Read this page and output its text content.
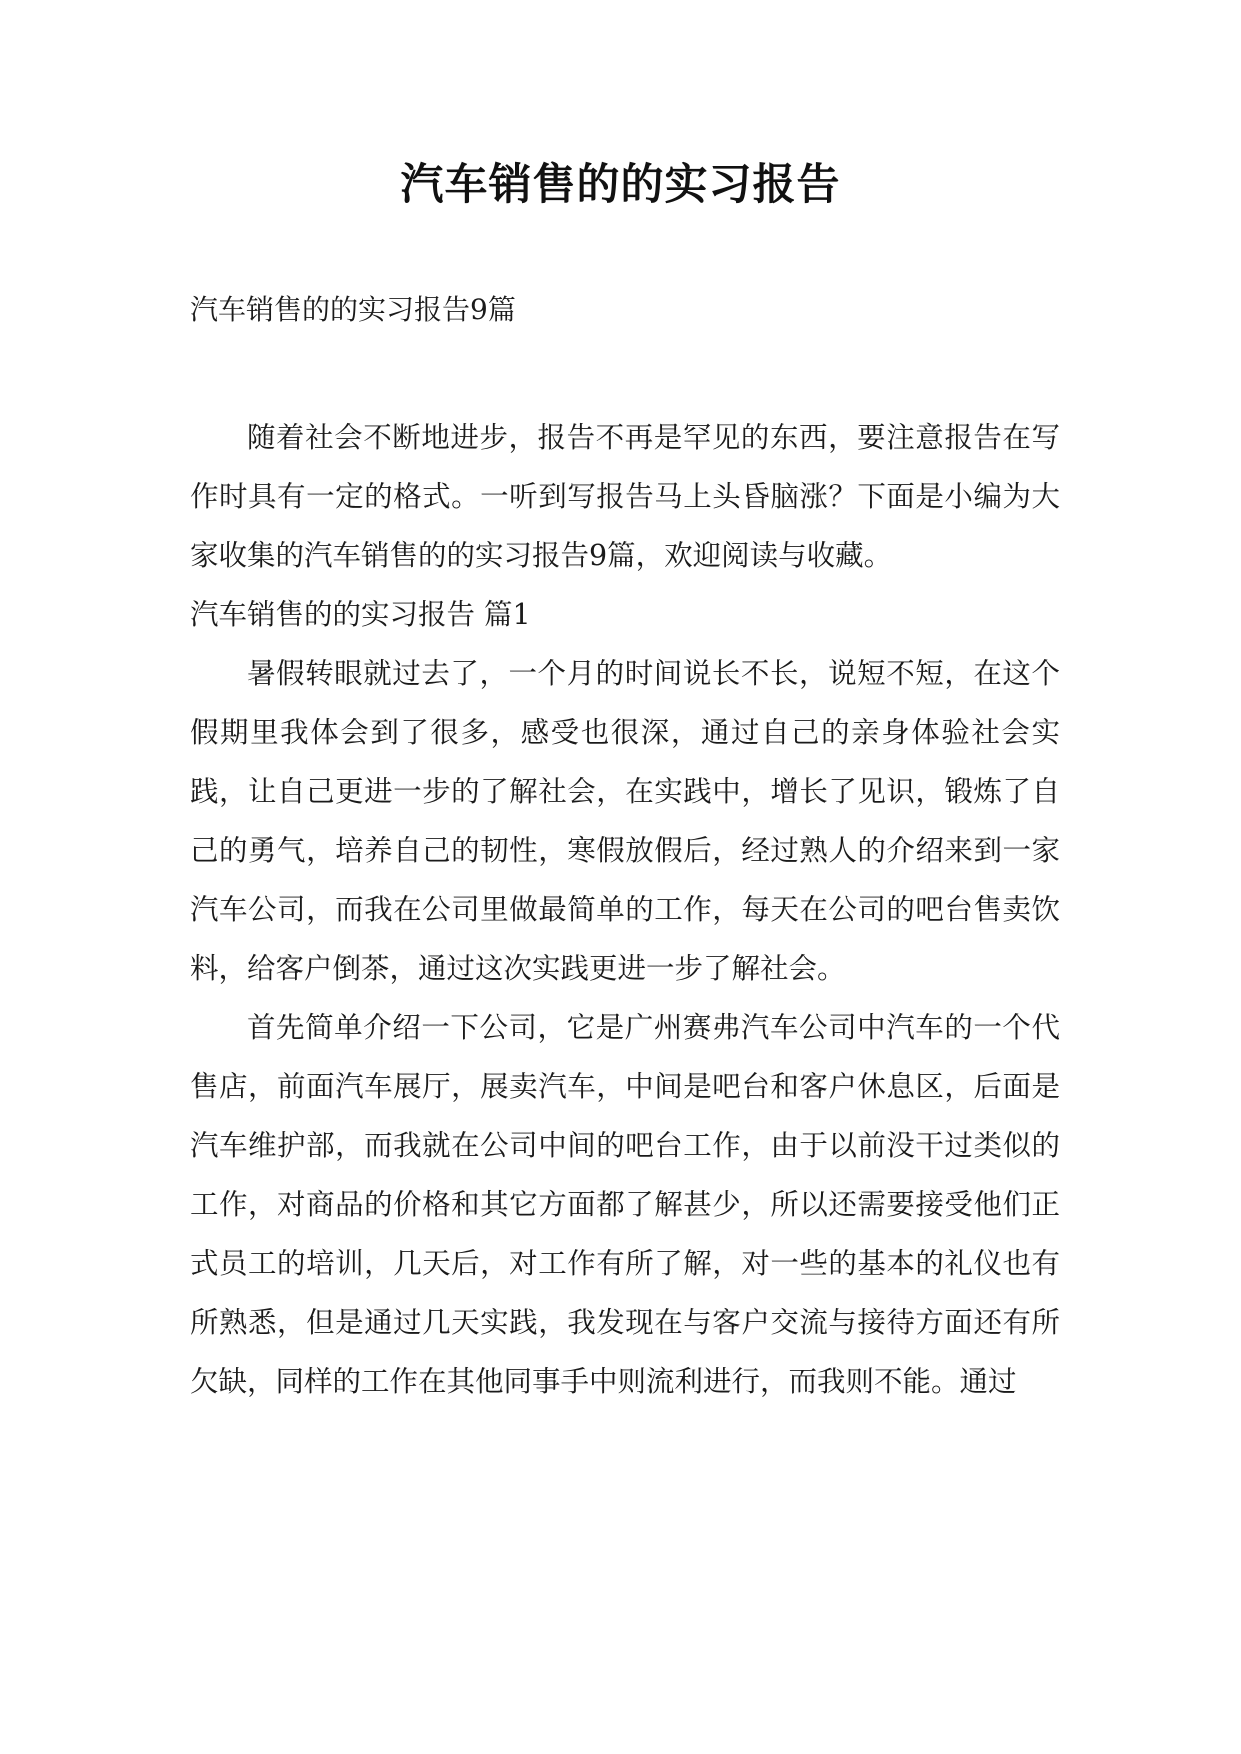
汽车销售的的实习报告
汽车销售的的实习报告9篇

随着社会不断地进步，报告不再是罕见的东西，要注意报告在写作时具有一定的格式。一听到写报告马上头昏脑涨？下面是小编为大家收集的汽车销售的的实习报告9篇，欢迎阅读与收藏。

汽车销售的的实习报告 篇1

暑假转眼就过去了，一个月的时间说长不长，说短不短，在这个假期里我体会到了很多，感受也很深，通过自己的亲身体验社会实践，让自己更进一步的了解社会，在实践中，增长了见识，锻炼了自己的勇气，培养自己的韧性，寒假放假后，经过熟人的介绍来到一家汽车公司，而我在公司里做最简单的工作，每天在公司的吧台售卖饮料，给客户倒茶，通过这次实践更进一步了解社会。

首先简单介绍一下公司，它是广州赛弗汽车公司中汽车的一个代售店，前面汽车展厅，展卖汽车，中间是吧台和客户休息区，后面是汽车维护部，而我就在公司中间的吧台工作，由于以前没干过类似的工作，对商品的价格和其它方面都了解甚少，所以还需要接受他们正式员工的培训，几天后，对工作有所了解，对一些的基本的礼仪也有所熟悉，但是通过几天实践，我发现在与客户交流与接待方面还有所欠缺，同样的工作在其他同事手中则流利进行，而我则不能。通过
